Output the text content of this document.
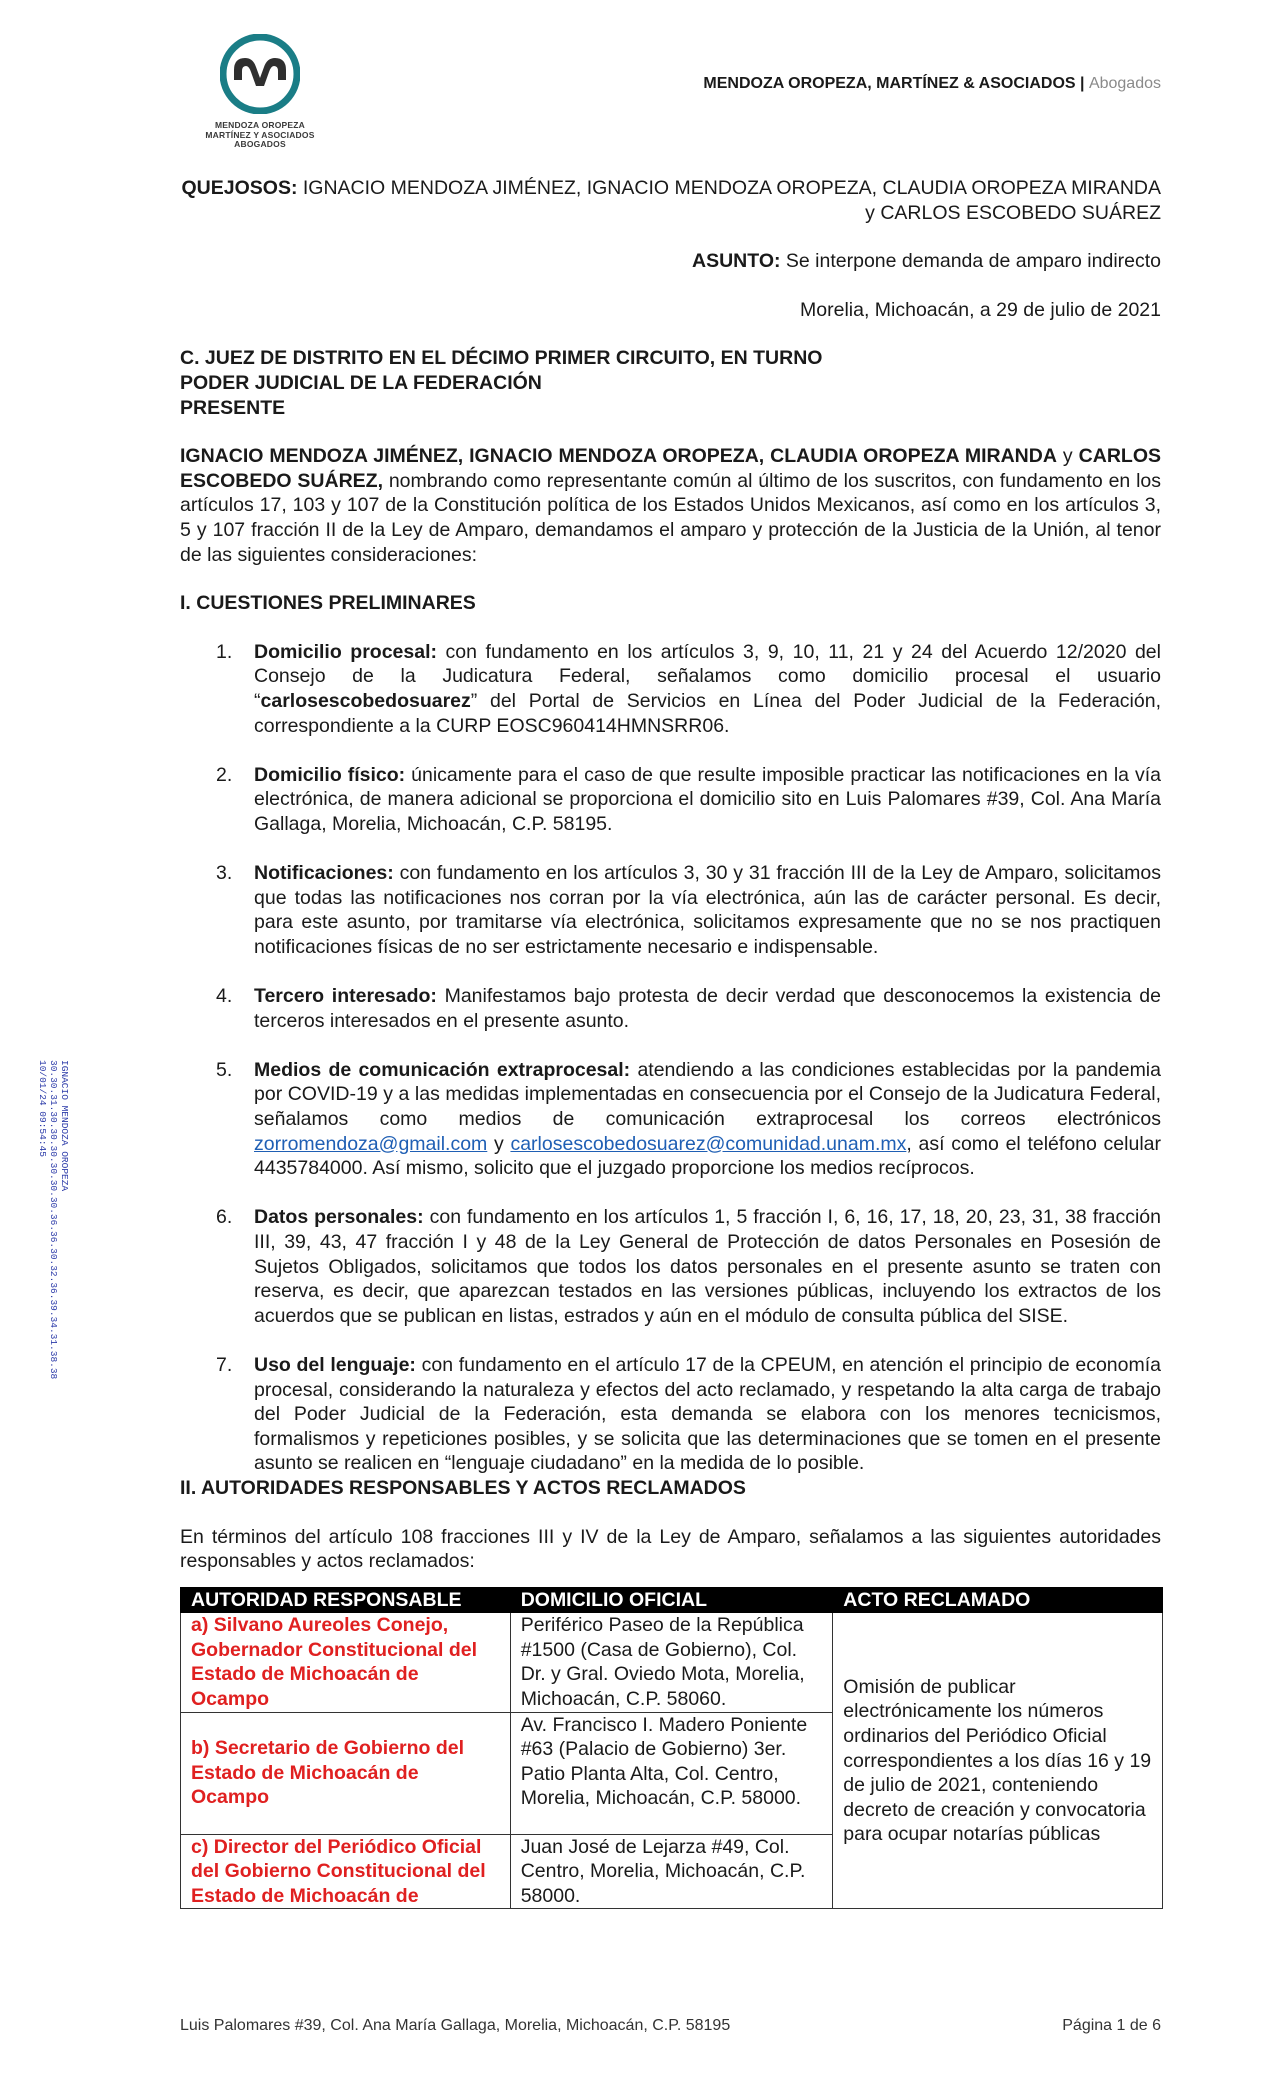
MENDOZA OROPEZA
MARTÍNEZ Y ASOCIADOS
ABOGADOS
MENDOZA OROPEZA, MARTÍNEZ & ASOCIADOS | Abogados
IGNACIO MENDOZA OROPEZA
30.30.31.30.30.30.30.30.30.36.36.30.32.36.39.34.31.38.38
10/01/24 09:54:45

QUEJOSOS: IGNACIO MENDOZA JIMÉNEZ, IGNACIO MENDOZA OROPEZA, CLAUDIA OROPEZA MIRANDA
y CARLOS ESCOBEDO SUÁREZ

ASUNTO: Se interpone demanda de amparo indirecto

Morelia, Michoacán, a 29 de julio de 2021

C. JUEZ DE DISTRITO EN EL DÉCIMO PRIMER CIRCUITO, EN TURNO
PODER JUDICIAL DE LA FEDERACIÓN
PRESENTE

IGNACIO MENDOZA JIMÉNEZ, IGNACIO MENDOZA OROPEZA, CLAUDIA OROPEZA MIRANDA y CARLOS ESCOBEDO SUÁREZ, nombrando como representante común al último de los suscritos, con fundamento en los artículos 17, 103 y 107 de la Constitución política de los Estados Unidos Mexicanos, así como en los artículos 3, 5 y 107 fracción II de la Ley de Amparo, demandamos el amparo y protección de la Justicia de la Unión, al tenor de las siguientes consideraciones:

I. CUESTIONES PRELIMINARES

1. Domicilio procesal: con fundamento en los artículos 3, 9, 10, 11, 21 y 24 del Acuerdo 12/2020 del Consejo de la Judicatura Federal, señalamos como domicilio procesal el usuario “carlosescobedosuarez” del Portal de Servicios en Línea del Poder Judicial de la Federación, correspondiente a la CURP EOSC960414HMNSRR06.
2. Domicilio físico: únicamente para el caso de que resulte imposible practicar las notificaciones en la vía electrónica, de manera adicional se proporciona el domicilio sito en Luis Palomares #39, Col. Ana María Gallaga, Morelia, Michoacán, C.P. 58195.
3. Notificaciones: con fundamento en los artículos 3, 30 y 31 fracción III de la Ley de Amparo, solicitamos que todas las notificaciones nos corran por la vía electrónica, aún las de carácter personal. Es decir, para este asunto, por tramitarse vía electrónica, solicitamos expresamente que no se nos practiquen notificaciones físicas de no ser estrictamente necesario e indispensable.
4. Tercero interesado: Manifestamos bajo protesta de decir verdad que desconocemos la existencia de terceros interesados en el presente asunto.
5. Medios de comunicación extraprocesal: atendiendo a las condiciones establecidas por la pandemia por COVID-19 y a las medidas implementadas en consecuencia por el Consejo de la Judicatura Federal, señalamos como medios de comunicación extraprocesal los correos electrónicos zorromendoza@gmail.com y carlosescobedosuarez@comunidad.unam.mx, así como el teléfono celular 4435784000. Así mismo, solicito que el juzgado proporcione los medios recíprocos.
6. Datos personales: con fundamento en los artículos 1, 5 fracción I, 6, 16, 17, 18, 20, 23, 31, 38 fracción III, 39, 43, 47 fracción I y 48 de la Ley General de Protección de datos Personales en Posesión de Sujetos Obligados, solicitamos que todos los datos personales en el presente asunto se traten con reserva, es decir, que aparezcan testados en las versiones públicas, incluyendo los extractos de los acuerdos que se publican en listas, estrados y aún en el módulo de consulta pública del SISE.
7. Uso del lenguaje: con fundamento en el artículo 17 de la CPEUM, en atención el principio de economía procesal, considerando la naturaleza y efectos del acto reclamado, y respetando la alta carga de trabajo del Poder Judicial de la Federación, esta demanda se elabora con los menores tecnicismos, formalismos y repeticiones posibles, y se solicita que las determinaciones que se tomen en el presente asunto se realicen en “lenguaje ciudadano” en la medida de lo posible.

II. AUTORIDADES RESPONSABLES Y ACTOS RECLAMADOS

En términos del artículo 108 fracciones III y IV de la Ley de Amparo, señalamos a las siguientes autoridades responsables y actos reclamados:

AUTORIDAD RESPONSABLE	DOMICILIO OFICIAL	ACTO RECLAMADO
a) Silvano Aureoles Conejo, Gobernador Constitucional del Estado de Michoacán de Ocampo	Periférico Paseo de la República #1500 (Casa de Gobierno), Col. Dr. y Gral. Oviedo Mota, Morelia, Michoacán, C.P. 58060.	Omisión de publicar electrónicamente los números ordinarios del Periódico Oficial correspondientes a los días 16 y 19 de julio de 2021, conteniendo decreto de creación y convocatoria para ocupar notarías públicas
b) Secretario de Gobierno del Estado de Michoacán de Ocampo	Av. Francisco I. Madero Poniente #63 (Palacio de Gobierno) 3er. Patio Planta Alta, Col. Centro, Morelia, Michoacán, C.P. 58000.	
c) Director del Periódico Oficial del Gobierno Constitucional del Estado de Michoacán de	Juan José de Lejarza #49, Col. Centro, Morelia, Michoacán, C.P. 58000.	
Luis Palomares #39, Col. Ana María Gallaga, Morelia, Michoacán, C.P. 58195	Página 1 de 6
